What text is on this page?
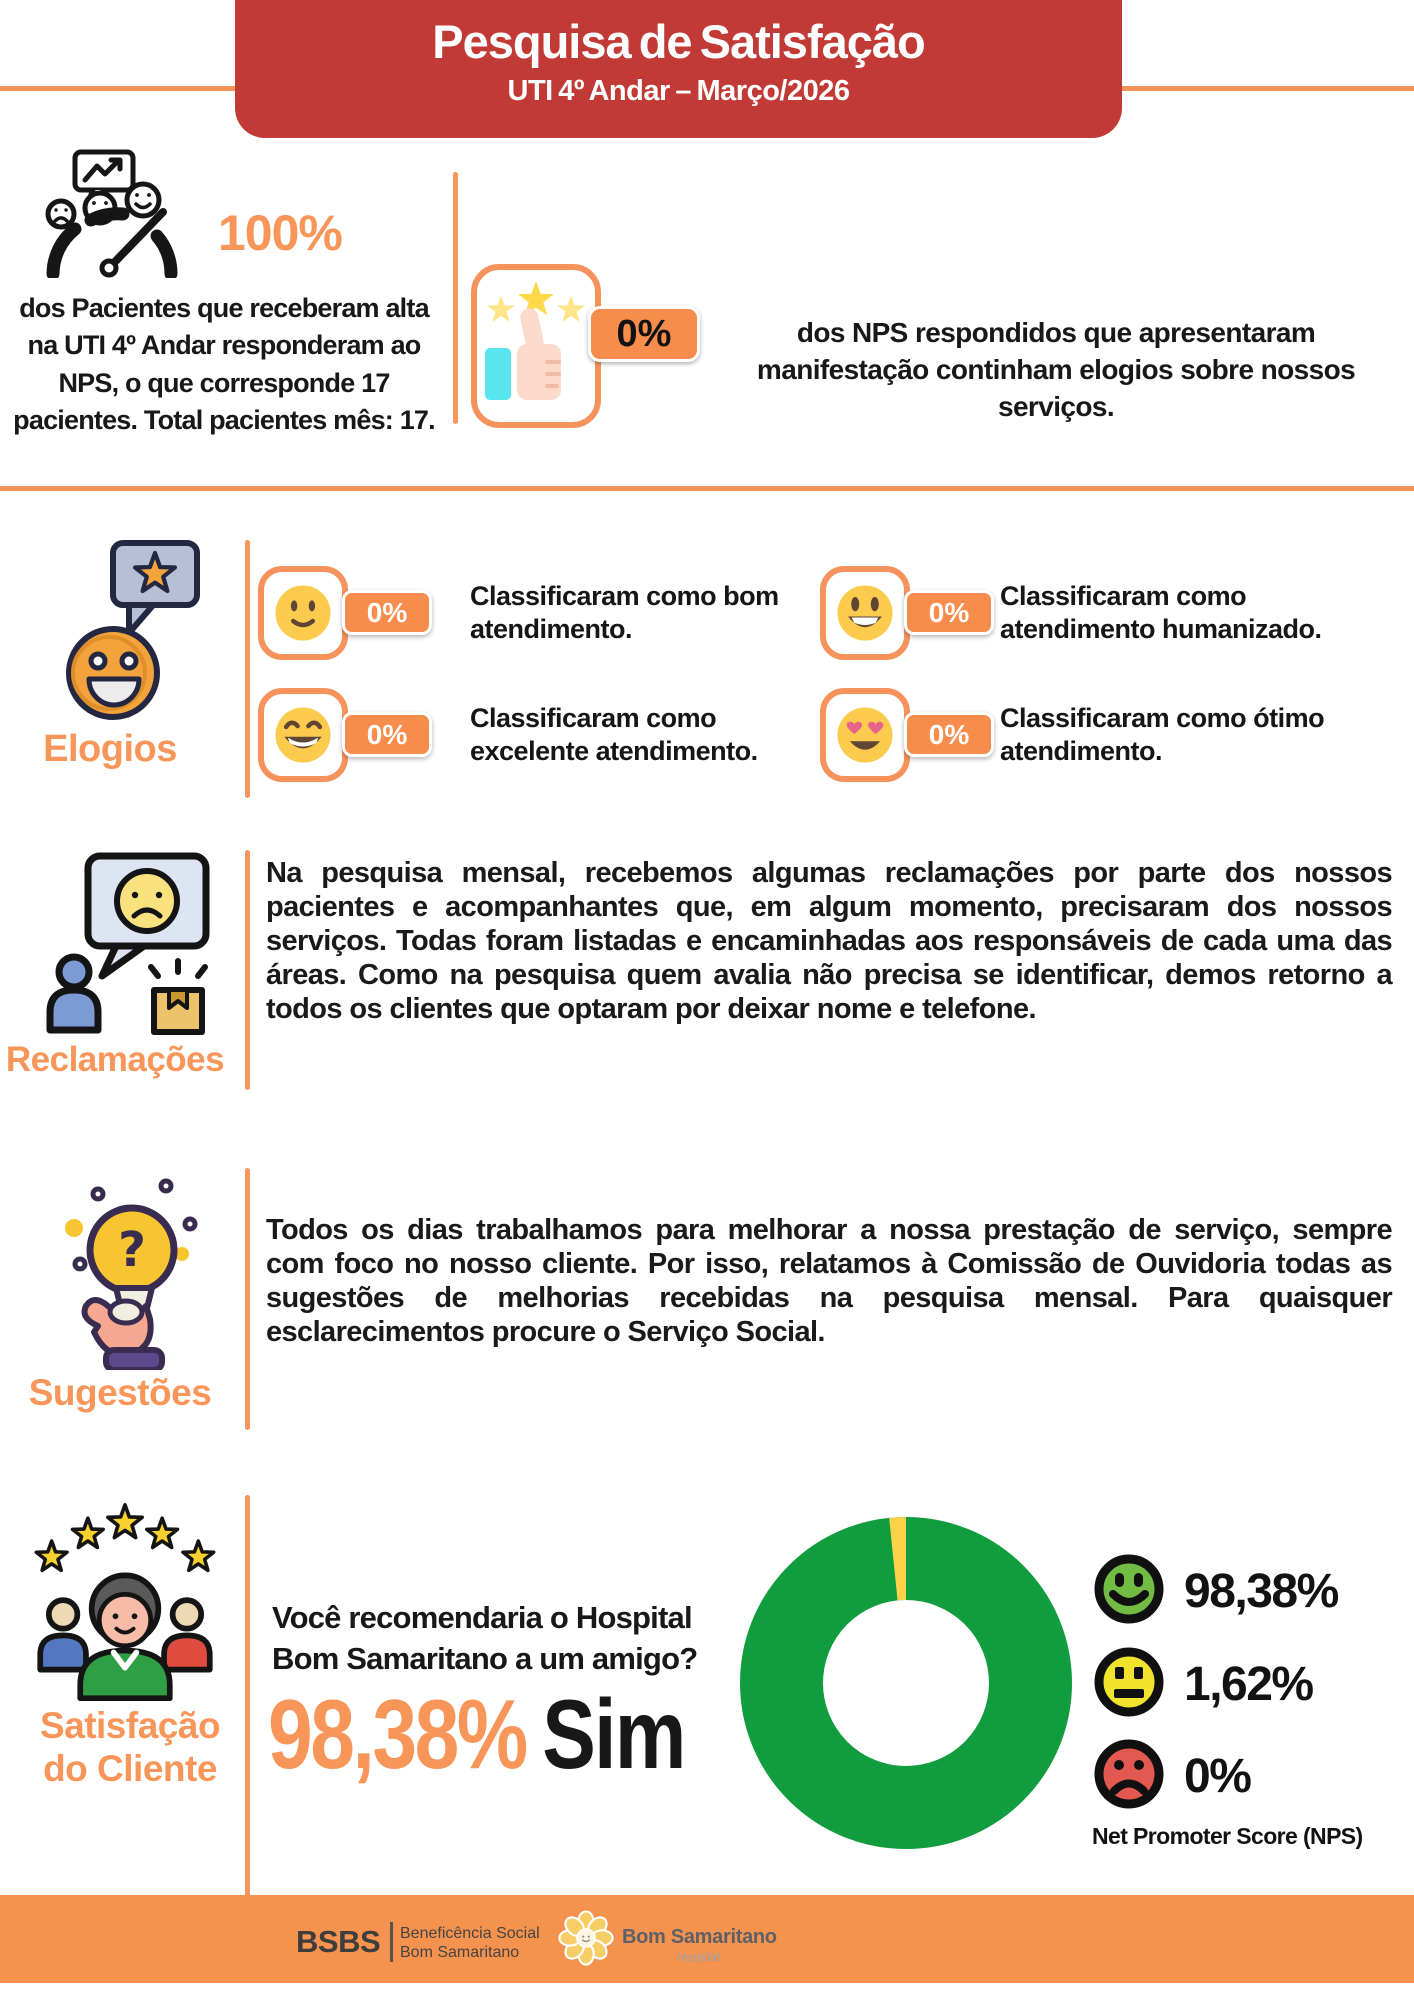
Pesquisa de Satisfação
UTI 4º Andar – Março/2026
100%
dos Pacientes que receberam alta na UTI 4º Andar responderam ao NPS, o que corresponde 17 pacientes. Total pacientes mês: 17.
0%	dos NPS respondidos que apresentaram manifestação continham elogios sobre nossos serviços.
Elogios
0%
Classificaram como bom atendimento.
0%
Classificaram como atendimento humanizado.
0%
Classificaram como excelente atendimento.
0%
Classificaram como ótimo atendimento.
Reclamações

Na pesquisa mensal, recebemos algumas reclamações por parte dos nossos pacientes e acompanhantes que, em algum momento, precisaram dos nossos serviços. Todas foram listadas e encaminhadas aos responsáveis de cada uma das áreas. Como na pesquisa quem avalia não precisa se identificar, demos retorno a todos os clientes que optaram por deixar nome e telefone.

?
Sugestões

Todos os dias trabalhamos para melhorar a nossa prestação de serviço, sempre com foco no nosso cliente. Por isso, relatamos à Comissão de Ouvidoria todas as sugestões de melhorias recebidas na pesquisa mensal. Para quaisquer esclarecimentos procure o Serviço Social.

Satisfação do Cliente
Você recomendaria o Hospital Bom Samaritano a um amigo?
98,38% Sim
98,38%
1,62%
0%
Net Promoter Score (NPS)
BSBS Beneficência Social
Bom Samaritano
Bom Samaritano
Hospital
